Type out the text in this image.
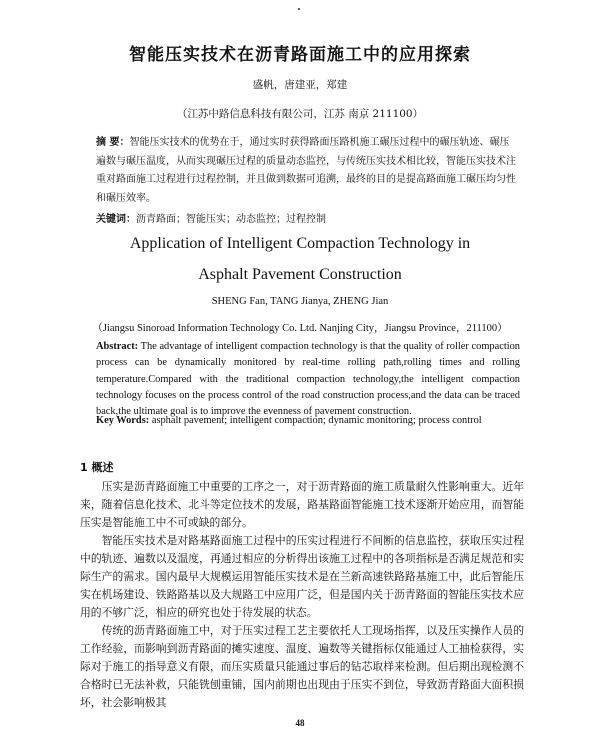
智能压实技术在沥青路面施工中的应用探索
盛帆，唐建亚，郑建
（江苏中路信息科技有限公司，江苏 南京 211100）
摘 要：智能压实技术的优势在于，通过实时获得路面压路机施工碾压过程中的碾压轨迹、碾压遍数与碾压温度，从而实现碾压过程的质量动态监控，与传统压实技术相比较，智能压实技术注重对路面施工过程进行过程控制，并且做到数据可追溯，最终的目的是提高路面施工碾压均匀性和碾压效率。
关键词：沥青路面；智能压实；动态监控；过程控制
Application of Intelligent Compaction Technology in
Asphalt Pavement Construction
SHENG Fan, TANG Jianya, ZHENG Jian
（Jiangsu Sinoroad Information Technology Co. Ltd. Nanjing City，Jiangsu Province，211100）
Abstract: The advantage of intelligent compaction technology is that the quality of roller compaction process can be dynamically monitored by real-time rolling path,rolling times and rolling temperature.Compared with the traditional compaction technology,the intelligent compaction technology focuses on the process control of the road construction process,and the data can be traced back,the ultimate goal is to improve the evenness of pavement construction.
Key Words: asphalt pavement; intelligent compaction; dynamic monitoring; process control
1 概述

压实是沥青路面施工中重要的工序之一，对于沥青路面的施工质量耐久性影响重大。近年来，随着信息化技术、北斗等定位技术的发展，路基路面智能施工技术逐渐开始应用，而智能压实是智能施工中不可或缺的部分。

智能压实技术是对路基路面施工过程中的压实过程进行不间断的信息监控，获取压实过程中的轨迹、遍数以及温度，再通过相应的分析得出该施工过程中的各项指标是否满足规范和实际生产的需求。国内最早大规模运用智能压实技术是在兰新高速铁路路基施工中，此后智能压实在机场建设、铁路路基以及大规路工中应用广泛，但是国内关于沥青路面的智能压实技术应用的不够广泛，相应的研究也处于待发展的状态。

传统的沥青路面施工中，对于压实过程工艺主要依托人工现场指挥，以及压实操作人员的工作经验，而影响到沥青路面的摊实速度、温度、遍数等关键指标仅能通过人工抽检获得，实际对于施工的指导意义有限，而压实质量只能通过事后的钻芯取样来检测。但后期出现检测不合格时已无法补救，只能铣刨重铺，国内前期也出现由于压实不到位，导致沥青路面大面积损坏，社会影响极其

48
